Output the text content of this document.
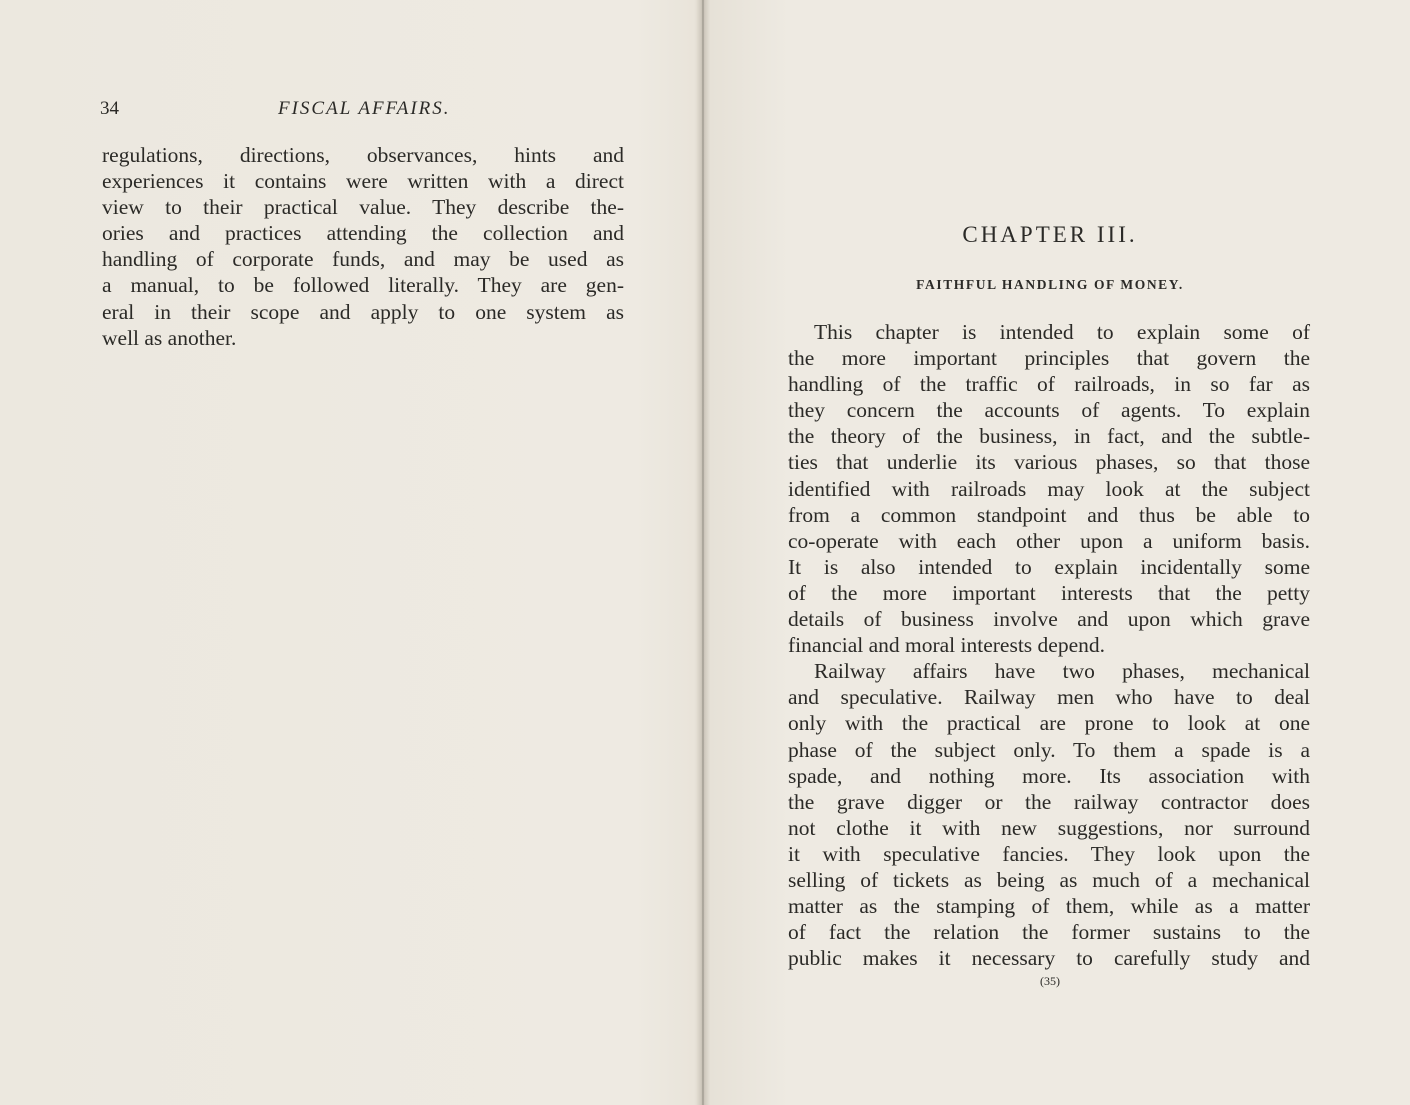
34	FISCAL AFFAIRS.
regulations, directions, observances, hints and
experiences it contains were written with a direct
view to their practical value. They describe the-
ories and practices attending the collection and
handling of corporate funds, and may be used as
a manual, to be followed literally. They are gen-
eral in their scope and apply to one system as
well as another.
CHAPTER III.
FAITHFUL HANDLING OF MONEY.
This chapter is intended to explain some of
the more important principles that govern the
handling of the traffic of railroads, in so far as
they concern the accounts of agents. To explain
the theory of the business, in fact, and the subtle-
ties that underlie its various phases, so that those
identified with railroads may look at the subject
from a common standpoint and thus be able to
co-operate with each other upon a uniform basis.
It is also intended to explain incidentally some
of the more important interests that the petty
details of business involve and upon which grave
financial and moral interests depend.
Railway affairs have two phases, mechanical
and speculative. Railway men who have to deal
only with the practical are prone to look at one
phase of the subject only. To them a spade is a
spade, and nothing more. Its association with
the grave digger or the railway contractor does
not clothe it with new suggestions, nor surround
it with speculative fancies. They look upon the
selling of tickets as being as much of a mechanical
matter as the stamping of them, while as a matter
of fact the relation the former sustains to the
public makes it necessary to carefully study and
(35)
